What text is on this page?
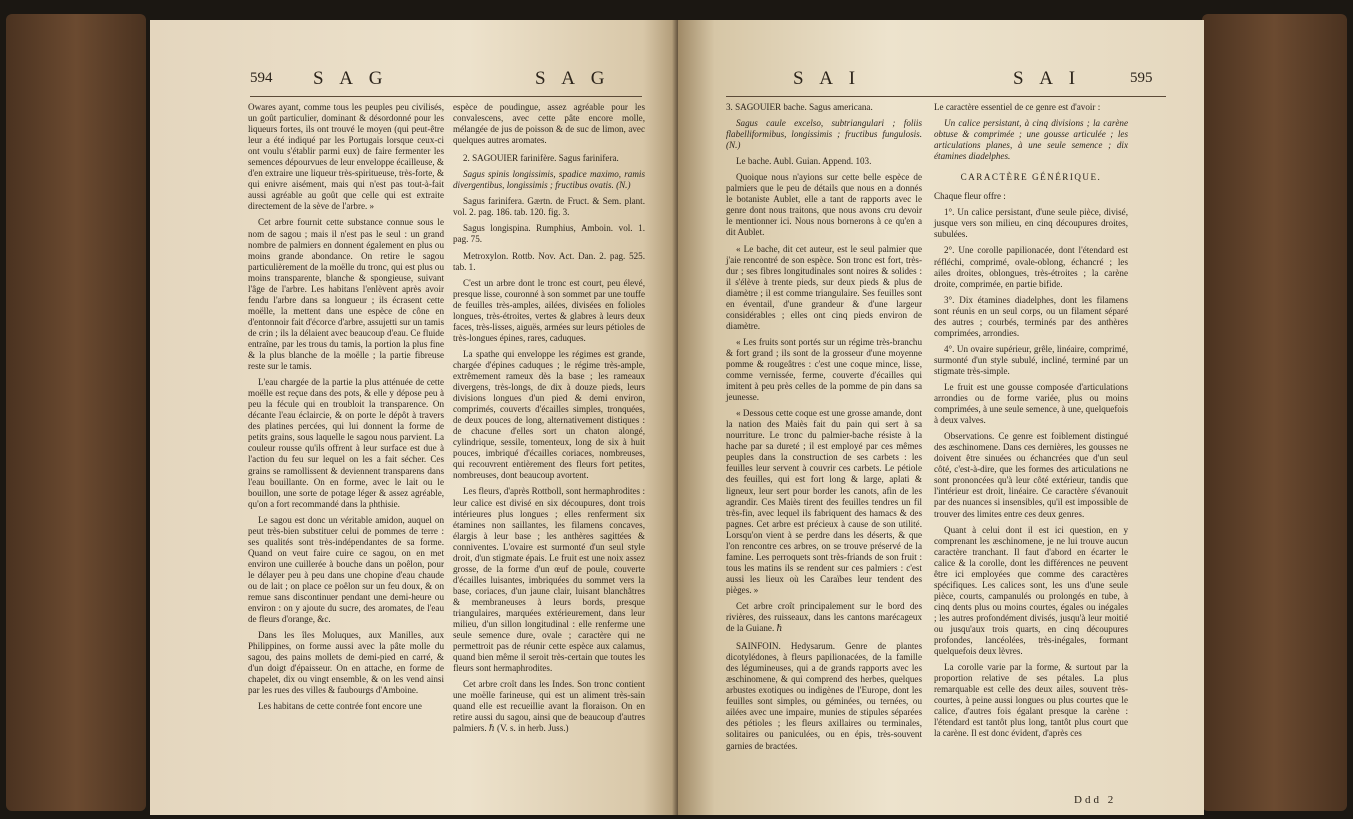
594 S A G	S A G

Owares ayant, comme tous les peuples peu civilisés, un goût particulier, dominant & désordonné pour les liqueurs fortes, ils ont trouvé le moyen (qui peut-être leur a été indiqué par les Portugais lorsque ceux-ci ont voulu s'établir parmi eux) de faire fermenter les semences dépourvues de leur enveloppe écailleuse, & d'en extraire une liqueur très-spiritueuse, très-forte, & qui enivre aisément, mais qui n'est pas tout-à-fait aussi agréable au goût que celle qui est extraite directement de la sève de l'arbre. »

Cet arbre fournit cette substance connue sous le nom de sagou ; mais il n'est pas le seul : un grand nombre de palmiers en donnent également en plus ou moins grande abondance. On retire le sagou particulièrement de la moëlle du tronc, qui est plus ou moins transparente, blanche & spongieuse, suivant l'âge de l'arbre. Les habitans l'enlèvent après avoir fendu l'arbre dans sa longueur ; ils écrasent cette moëlle, la mettent dans une espèce de cône en d'entonnoir fait d'écorce d'arbre, assujetti sur un tamis de crin ; ils la délaient avec beaucoup d'eau. Ce fluide entraîne, par les trous du tamis, la portion la plus fine & la plus blanche de la moëlle ; la partie fibreuse reste sur le tamis.

L'eau chargée de la partie la plus atténuée de cette moëlle est reçue dans des pots, & elle y dépose peu à peu la fécule qui en troubloit la transparence. On décante l'eau éclaircie, & on porte le dépôt à travers des platines percées, qui lui donnent la forme de petits grains, sous laquelle le sagou nous parvient. La couleur rousse qu'ils offrent à leur surface est due à l'action du feu sur lequel on les a fait sécher. Ces grains se ramollissent & deviennent transparens dans l'eau bouillante. On en forme, avec le lait ou le bouillon, une sorte de potage léger & assez agréable, qu'on a fort recommandé dans la phthisie.

Le sagou est donc un véritable amidon, auquel on peut très-bien substituer celui de pommes de terre : ses qualités sont très-indépendantes de sa forme. Quand on veut faire cuire ce sagou, on en met environ une cuillerée à bouche dans un poêlon, pour le délayer peu à peu dans une chopine d'eau chaude ou de lait ; on place ce poêlon sur un feu doux, & on remue sans discontinuer pendant une demi-heure ou environ : on y ajoute du sucre, des aromates, de l'eau de fleurs d'orange, &c.

Dans les îles Moluques, aux Manilles, aux Philippines, on forme aussi avec la pâte molle du sagou, des pains mollets de demi-pied en carré, & d'un doigt d'épaisseur. On en attache, en forme de chapelet, dix ou vingt ensemble, & on les vend ainsi par les rues des villes & faubourgs d'Amboine.

Les habitans de cette contrée font encore une

espèce de poudingue, assez agréable pour les convalescens, avec cette pâte encore molle, mélangée de jus de poisson & de suc de limon, avec quelques autres aromates.

2. SAGOUIER farinifère. Sagus farinifera.

Sagus spinis longissimis, spadice maximo, ramis divergentibus, longissimis ; fructibus ovatis. (N.)

Sagus farinifera. Gærtn. de Fruct. & Sem. plant. vol. 2. pag. 186. tab. 120. fig. 3.

Sagus longispina. Rumphius, Amboin. vol. 1. pag. 75.

Metroxylon. Rottb. Nov. Act. Dan. 2. pag. 525. tab. 1.

C'est un arbre dont le tronc est court, peu élevé, presque lisse, couronné à son sommet par une touffe de feuilles très-amples, ailées, divisées en folioles longues, très-étroites, vertes & glabres à leurs deux faces, très-lisses, aiguës, armées sur leurs pétioles de très-longues épines, rares, caduques.

La spathe qui enveloppe les régimes est grande, chargée d'épines caduques ; le régime très-ample, extrêmement rameux dès la base ; les rameaux divergens, très-longs, de dix à douze pieds, leurs divisions longues d'un pied & demi environ, comprimés, couverts d'écailles simples, tronquées, de deux pouces de long, alternativement distiques : de chacune d'elles sort un chaton alongé, cylindrique, sessile, tomenteux, long de six à huit pouces, imbriqué d'écailles coriaces, nombreuses, qui recouvrent entièrement des fleurs fort petites, nombreuses, dont beaucoup avortent.

Les fleurs, d'après Rottboll, sont hermaphrodites : leur calice est divisé en six découpures, dont trois intérieures plus longues ; elles renferment six étamines non saillantes, les filamens concaves, élargis à leur base ; les anthères sagittées & conniventes. L'ovaire est surmonté d'un seul style droit, d'un stigmate épais. Le fruit est une noix assez grosse, de la forme d'un œuf de poule, couverte d'écailles luisantes, imbriquées du sommet vers la base, coriaces, d'un jaune clair, luisant blanchâtres & membraneuses à leurs bords, presque triangulaires, marquées extérieurement, dans leur milieu, d'un sillon longitudinal : elle renferme une seule semence dure, ovale ; caractère qui ne permettroit pas de réunir cette espèce aux calamus, quand bien même il seroit très-certain que toutes les fleurs sont hermaphrodites.

Cet arbre croît dans les Indes. Son tronc contient une moëlle farineuse, qui est un aliment très-sain quand elle est recueillie avant la floraison. On en retire aussi du sagou, ainsi que de beaucoup d'autres palmiers. ℏ (V. s. in herb. Juss.)

S A I	S A I	595

3. SAGOUIER bache. Sagus americana.

Sagus caule excelso, subtriangulari ; foliis flabelliformibus, longissimis ; fructibus fungulosis. (N.)

Le bache. Aubl. Guian. Append. 103.

Quoique nous n'ayions sur cette belle espèce de palmiers que le peu de détails que nous en a donnés le botaniste Aublet, elle a tant de rapports avec le genre dont nous traitons, que nous avons cru devoir le mentionner ici. Nous nous bornerons à ce qu'en a dit Aublet.

« Le bache, dit cet auteur, est le seul palmier que j'aie rencontré de son espèce. Son tronc est fort, très-dur ; ses fibres longitudinales sont noires & solides : il s'élève à trente pieds, sur deux pieds & plus de diamètre ; il est comme triangulaire. Ses feuilles sont en éventail, d'une grandeur & d'une largeur considérables ; elles ont cinq pieds environ de diamètre.

« Les fruits sont portés sur un régime très-branchu & fort grand ; ils sont de la grosseur d'une moyenne pomme & rougeâtres : c'est une coque mince, lisse, comme vernissée, ferme, couverte d'écailles qui imitent à peu près celles de la pomme de pin dans sa jeunesse.

« Dessous cette coque est une grosse amande, dont la nation des Maiès fait du pain qui sert à sa nourriture. Le tronc du palmier-bache résiste à la hache par sa dureté ; il est employé par ces mêmes peuples dans la construction de ses carbets : les feuilles leur servent à couvrir ces carbets. Le pétiole des feuilles, qui est fort long & large, aplati & ligneux, leur sert pour border les canots, afin de les agrandir. Ces Maiès tirent des feuilles tendres un fil très-fin, avec lequel ils fabriquent des hamacs & des pagnes. Cet arbre est précieux à cause de son utilité. Lorsqu'on vient à se perdre dans les déserts, & que l'on rencontre ces arbres, on se trouve préservé de la famine. Les perroquets sont très-friands de son fruit : tous les matins ils se rendent sur ces palmiers : c'est aussi les lieux où les Caraïbes leur tendent des pièges. »

Cet arbre croît principalement sur le bord des rivières, des ruisseaux, dans les cantons marécageux de la Guiane. ℏ

SAINFOIN. Hedysarum. Genre de plantes dicotylédones, à fleurs papilionacées, de la famille des légumineuses, qui a de grands rapports avec les æschinomene, & qui comprend des herbes, quelques arbustes exotiques ou indigènes de l'Europe, dont les feuilles sont simples, ou géminées, ou ternées, ou ailées avec une impaire, munies de stipules séparées des pétioles ; les fleurs axillaires ou terminales, solitaires ou paniculées, ou en épis, très-souvent garnies de bractées.

Le caractère essentiel de ce genre est d'avoir :

Un calice persistant, à cinq divisions ; la carène obtuse & comprimée ; une gousse articulée ; les articulations planes, à une seule semence ; dix étamines diadelphes.

CARACTÈRE GÉNÉRIQUE.

Chaque fleur offre :

1°. Un calice persistant, d'une seule pièce, divisé, jusque vers son milieu, en cinq découpures droites, subulées.

2°. Une corolle papilionacée, dont l'étendard est réfléchi, comprimé, ovale-oblong, échancré ; les ailes droites, oblongues, très-étroites ; la carène droite, comprimée, en partie bifide.

3°. Dix étamines diadelphes, dont les filamens sont réunis en un seul corps, ou un filament séparé des autres ; courbés, terminés par des anthères comprimées, arrondies.

4°. Un ovaire supérieur, grêle, linéaire, comprimé, surmonté d'un style subulé, incliné, terminé par un stigmate très-simple.

Le fruit est une gousse composée d'articulations arrondies ou de forme variée, plus ou moins comprimées, à une seule semence, à une, quelquefois à deux valves.

Observations. Ce genre est foiblement distingué des æschinomene. Dans ces dernières, les gousses ne doivent être sinuées ou échancrées que d'un seul côté, c'est-à-dire, que les formes des articulations ne sont prononcées qu'à leur côté extérieur, tandis que l'intérieur est droit, linéaire. Ce caractère s'évanouit par des nuances si insensibles, qu'il est impossible de trouver des limites entre ces deux genres.

Quant à celui dont il est ici question, en y comprenant les æschinomene, je ne lui trouve aucun caractère tranchant. Il faut d'abord en écarter le calice & la corolle, dont les différences ne peuvent être ici employées que comme des caractères spécifiques. Les calices sont, les uns d'une seule pièce, courts, campanulés ou prolongés en tube, à cinq dents plus ou moins courtes, égales ou inégales ; les autres profondément divisés, jusqu'à leur moitié ou jusqu'aux trois quarts, en cinq découpures profondes, lancéolées, très-inégales, formant quelquefois deux lèvres.

La corolle varie par la forme, & surtout par la proportion relative de ses pétales. La plus remarquable est celle des deux ailes, souvent très-courtes, à peine aussi longues ou plus courtes que le calice, d'autres fois égalant presque la carène : l'étendard est tantôt plus long, tantôt plus court que la carène. Il est donc évident, d'après ces

Ddd 2
